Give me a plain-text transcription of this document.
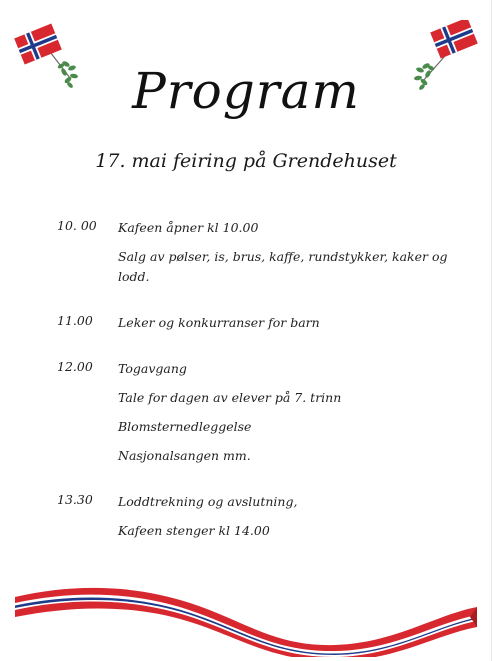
Program
17. mai feiring på Grendehuset
10. 00	Kafeen åpner kl 10.00
Salg av pølser, is, brus, kaffe, rundstykker, kaker og lodd.
11.00	Leker og konkurranser for barn
12.00	Togavgang
Tale for dagen av elever på 7. trinn
Blomsternedleggelse
Nasjonalsangen mm.
13.30	Loddtrekning og avslutning,
Kafeen stenger kl 14.00
